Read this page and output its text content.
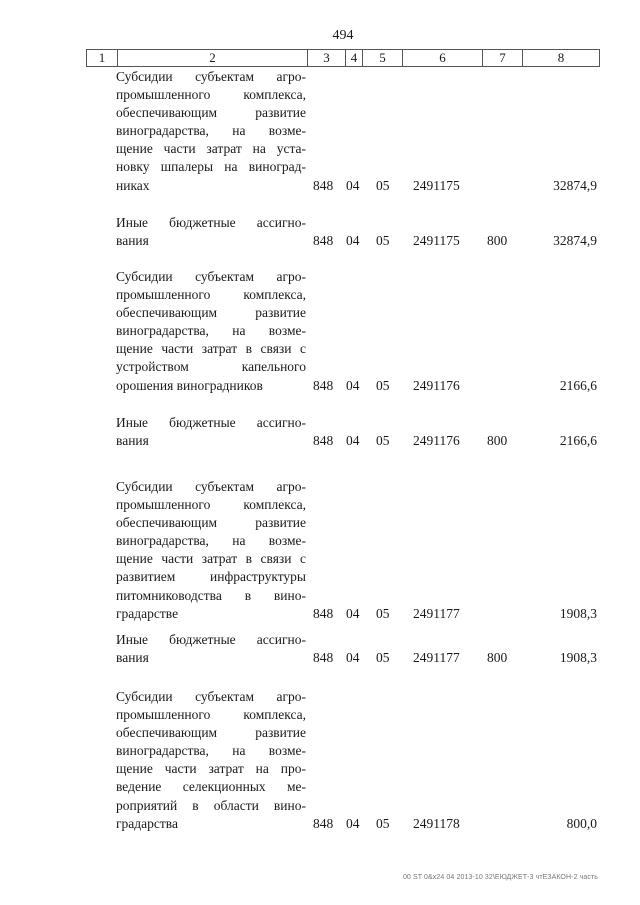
494
1	2	3	4	5	6	7	8
Субсидии субъектам агро-
промышленного комплекса,
обеспечивающим развитие
виноградарства, на возме-
щение части затрат на уста-
новку шпалеры на виноград-
никах	848 04 05 2491175	32874,9
Иные бюджетные ассигно-
вания	848 04 05 2491175 800	32874,9
Субсидии субъектам агро-
промышленного комплекса,
обеспечивающим развитие
виноградарства, на возме-
щение части затрат в связи с
устройством капельного
орошения виноградников	848 04 05 2491176	2166,6
Иные бюджетные ассигно-
вания	848 04 05 2491176 800	2166,6
Субсидии субъектам агро-
промышленного комплекса,
обеспечивающим развитие
виноградарства, на возме-
щение части затрат в связи с
развитием инфраструктуры
питомниководства в вино-
градарстве	848 04 05 2491177	1908,3
Иные бюджетные ассигно-
вания	848 04 05 2491177 800	1908,3
Субсидии субъектам агро-
промышленного комплекса,
обеспечивающим развитие
виноградарства, на возме-
щение части затрат на про-
ведение селекционных ме-
роприятий в области вино-
градарства	848 04 05 2491178	800,0
00 ST 0&x24 04 2013-10 32\ЕЮДЖЕТ-3 чтЕЗАКОН-2 часть
